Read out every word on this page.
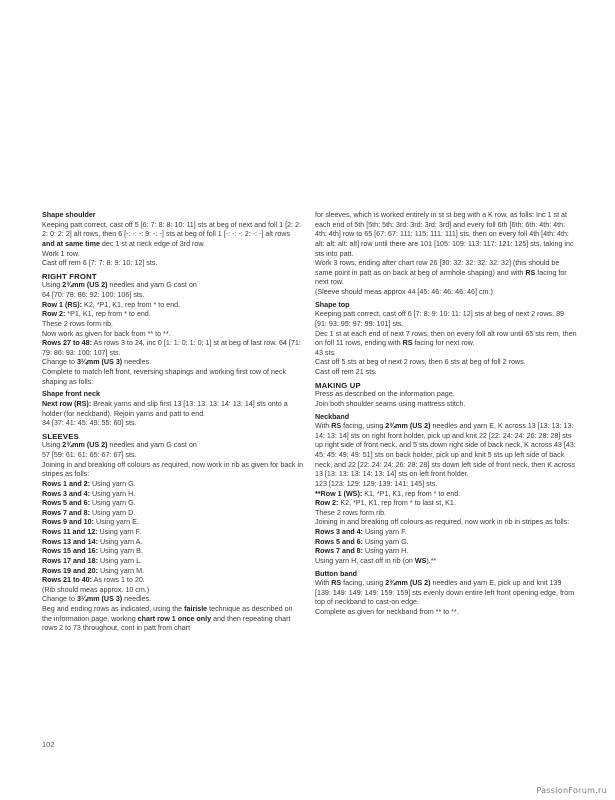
Shape shoulder

Keeping patt correct, cast off 5 [6: 7: 8: 8: 10: 11] sts at beg of next and foll 1 [2: 2: 2: 0: 2: 2] alt rows, then 6 [-: -: -: 9: -: -] sts at beg of foll 1 [-: -: -: 2: -: -] alt rows and at same time dec 1 st at neck edge of 3rd row.

Work 1 row.

Cast off rem 6 [7: 7: 8: 9: 10: 12] sts.

RIGHT FRONT

Using 2¾mm (US 2) needles and yarn G cast on

64 [70: 78: 86: 92: 100: 106] sts.

Row 1 (RS): K2, *P1, K1, rep from * to end.

Row 2: *P1, K1, rep from * to end.

These 2 rows form rib.

Now work as given for back from ** to **.

Rows 27 to 48: As rows 3 to 24, inc 0 [1: 1: 0: 1: 0: 1] st at beg of last row. 64 [71: 79: 86: 93: 100: 107] sts.

Change to 3¼mm (US 3) needles.

Complete to match left front, reversing shapings and working first row of neck shaping as folls:

Shape front neck

Next row (RS): Break yarns and slip first 13 [13: 13: 13: 14: 13: 14] sts onto a holder (for neckband). Rejoin yarns and patt to end.

34 [37: 41: 45: 49: 55: 60] sts.

SLEEVES

Using 2¾mm (US 2) needles and yarn G cast on

57 [59: 61: 61: 65: 67: 67] sts.

Joining in and breaking off colours as required, now work in rib as given for back in stripes as folls:

Rows 1 and 2: Using yarn G.

Rows 3 and 4: Using yarn H.

Rows 5 and 6: Using yarn G.

Rows 7 and 8: Using yarn D.

Rows 9 and 10: Using yarn E.

Rows 11 and 12: Using yarn F.

Rows 13 and 14: Using yarn A.

Rows 15 and 16: Using yarn B.

Rows 17 and 18: Using yarn L.

Rows 19 and 20: Using yarn M.

Rows 21 to 40: As rows 1 to 20.

(Rib should meas approx. 10 cm.)

Change to 3¼mm (US 3) needles.

Beg and ending rows as indicated, using the fairisle technique as described on the information page, working chart row 1 once only and then repeating chart rows 2 to 73 throughout, cont in patt from chart

for sleeves, which is worked entirely in st st beg with a K row, as folls: Inc 1 st at each end of 5th [5th: 5th: 3rd: 3rd: 3rd: 3rd] and every foll 6th [6th: 6th: 4th: 4th: 4th: 4th] row to 65 [67: 67: 111: 115: 111: 111] sts, then on every foll 4th [4th: 4th: alt: alt: alt: alt] row until there are 101 [105: 109: 113: 117: 121: 125] sts, taking inc sts into patt.

Work 3 rows, ending after chart row 26 [30: 32: 32: 32: 32: 32] (this should be same point in patt as on back at beg of armhole shaping) and with RS facing for next row.

(Sleeve should meas approx 44 [45: 46: 46: 46: 46] cm.)

Shape top

Keeping patt correct, cast off 6 [7: 8: 9: 10: 11: 12] sts at beg of next 2 rows. 89 [91: 93: 95: 97: 99: 101] sts.

Dec 1 st at each end of next 7 rows, then on every foll alt row until 65 sts rem, then on foll 11 rows, ending with RS facing for next row.

43 sts.

Cast off 5 sts at beg of next 2 rows, then 6 sts at beg of foll 2 rows.

Cast off rem 21 sts.

MAKING UP

Press as described on the information page.

Join both shoulder seams using mattress stitch.

Neckband

With RS facing, using 2¾mm (US 2) needles and yarn E, K across 13 [13: 13: 13: 14: 13: 14] sts on right front holder, pick up and knit 22 [22: 24: 24: 26: 28: 28] sts up right side of front neck, and 5 sts down right side of back neck, K across 43 [43: 45: 45: 49: 49: 51] sts on back holder, pick up and knit 5 sts up left side of back neck, and 22 [22: 24: 24: 26: 28: 28] sts down left side of front neck, then K across 13 [13: 13: 13: 14: 13: 14] sts on left front holder.

123 [123: 129: 129: 139: 141: 145] sts.

**Row 1 (WS): K1, *P1, K1, rep from * to end.

Row 2: K2, *P1, K1, rep from * to last st, K1.

These 2 rows form rib.

Joining in and breaking off colours as required, now work in rib in stripes as folls:

Rows 3 and 4: Using yarn F.

Rows 5 and 6: Using yarn G.

Rows 7 and 8: Using yarn H.

Using yarn H, cast off in rib (on WS).**

Button band

With RS facing, using 2¾mm (US 2) needles and yarn E, pick up and knit 139 [139: 149: 149: 149: 159: 159] sts evenly down entire left front opening edge, from top of neckband to cast-on edge.

Complete as given for neckband from ** to **.

102
PassionForum.ru
